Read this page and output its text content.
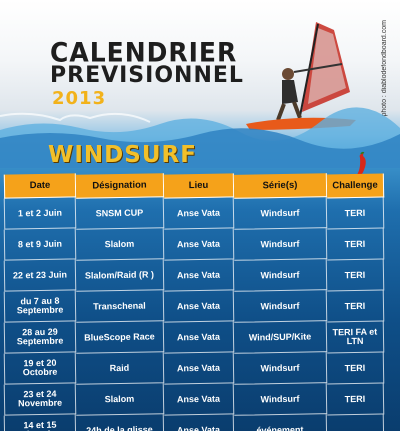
CALENDRIER
PREVISIONNEL
2013	photo : diablodefondboard.com
WINDSURF
Date	Désignation	Lieu	Série(s)	Challenge
1 et 2 Juin	SNSM CUP	Anse Vata	Windsurf	TERI
8 et 9 Juin	Slalom	Anse Vata	Windsurf	TERI
22 et 23 Juin	Slalom/Raid (R )	Anse Vata	Windsurf	TERI
du 7 au 8 Septembre	Transchenal	Anse Vata	Windsurf	TERI
28 au 29 Septembre	BlueScope Race	Anse Vata	Wind/SUP/Kite	TERI FA et LTN
19 et 20 Octobre	Raid	Anse Vata	Windsurf	TERI
23 et 24 Novembre	Slalom	Anse Vata	Windsurf	TERI
14 et 15 Décembre	24h de la glisse	Anse Vata	événement
